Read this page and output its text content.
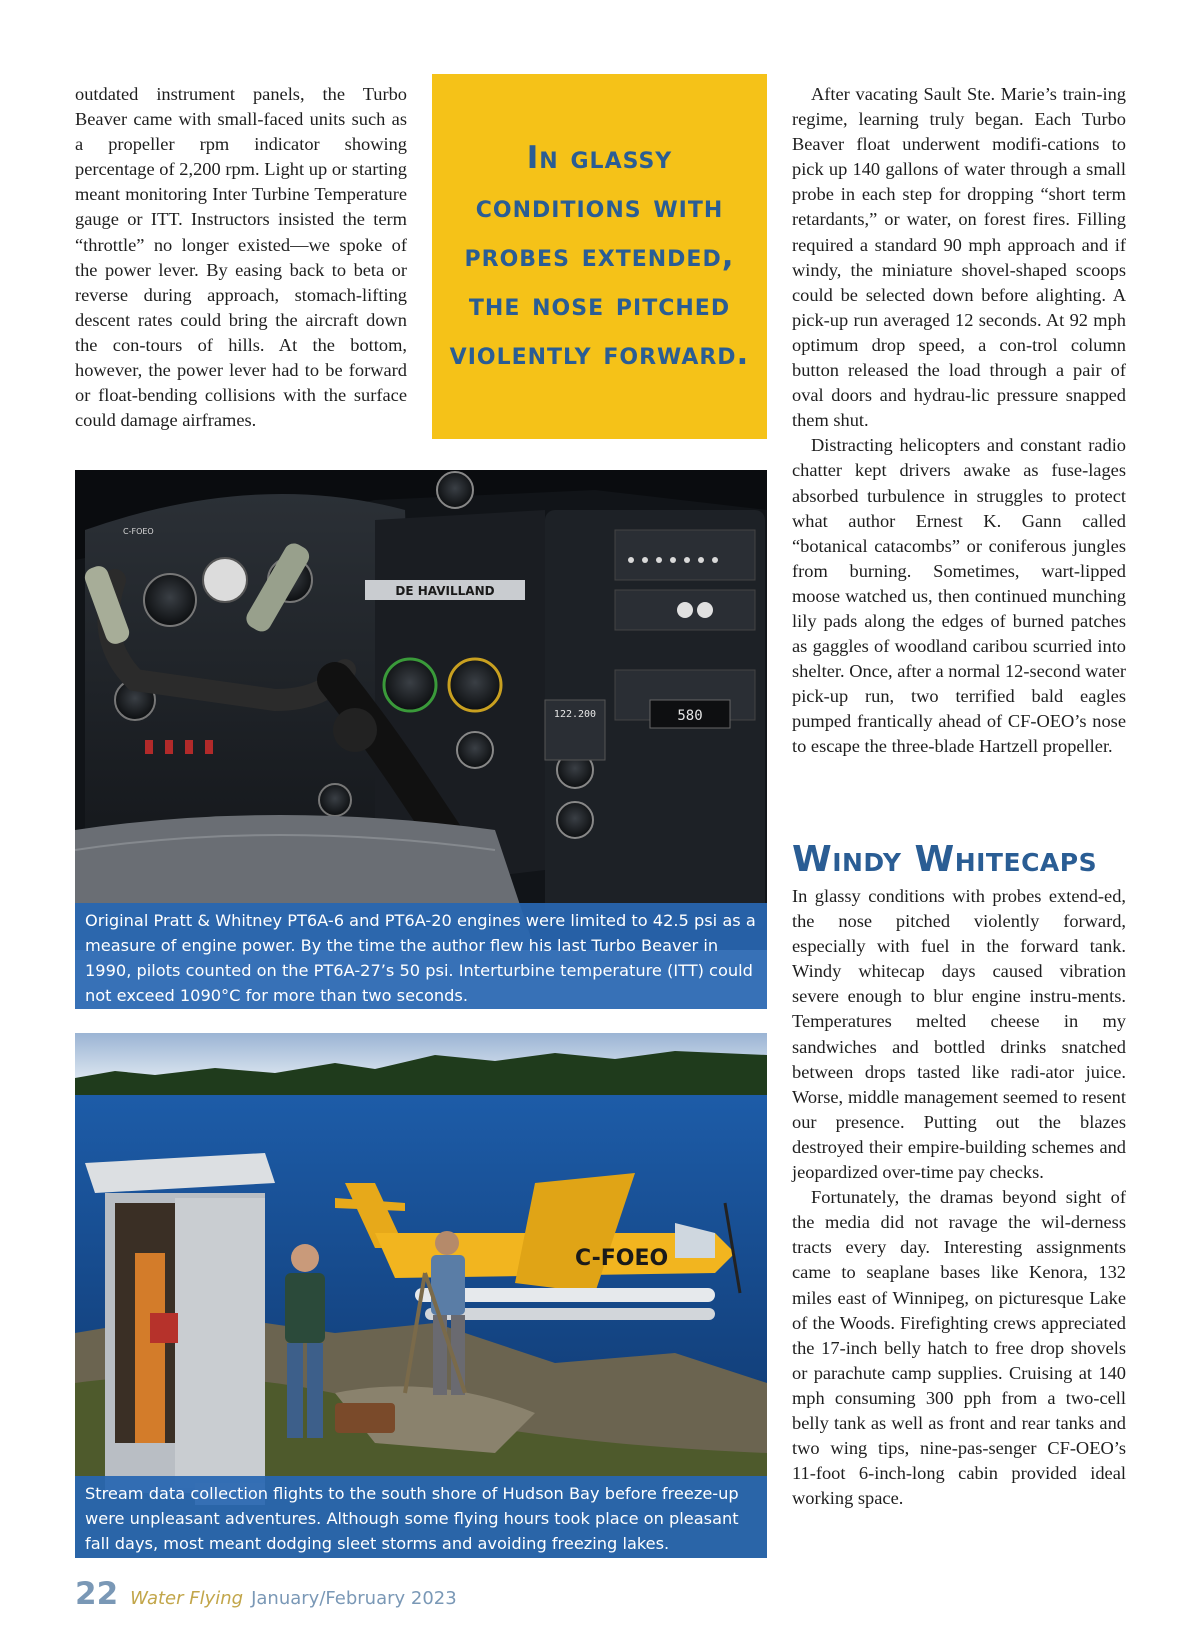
outdated instrument panels, the Turbo Beaver came with small-faced units such as a propeller rpm indicator showing percentage of 2,200 rpm. Light up or starting meant monitoring Inter Turbine Temperature gauge or ITT. Instructors insisted the term “throttle” no longer existed—we spoke of the power lever. By easing back to beta or reverse during approach, stomach-lifting descent rates could bring the aircraft down the con-tours of hills. At the bottom, however, the power lever had to be forward or float-bending collisions with the surface could damage airframes.

In glassy conditions with probes extended, the nose pitched violently forward.

After vacating Sault Ste. Marie’s train-ing regime, learning truly began. Each Turbo Beaver float underwent modifi-cations to pick up 140 gallons of water through a small probe in each step for dropping “short term retardants,” or water, on forest fires. Filling required a standard 90 mph approach and if windy, the miniature shovel-shaped scoops could be selected down before alighting. A pick-up run averaged 12 seconds. At 92 mph optimum drop speed, a con-trol column button released the load through a pair of oval doors and hydrau-lic pressure snapped them shut.

Distracting helicopters and constant radio chatter kept drivers awake as fuse-lages absorbed turbulence in struggles to protect what author Ernest K. Gann called “botanical catacombs” or coniferous jungles from burning. Sometimes, wart-lipped moose watched us, then continued munching lily pads along the edges of burned patches as gaggles of woodland caribou scurried into shelter. Once, after a normal 12-second water pick-up run, two terrified bald eagles pumped frantically ahead of CF-OEO’s nose to escape the three-blade Hartzell propeller.

Windy Whitecaps

In glassy conditions with probes extend-ed, the nose pitched violently forward, especially with fuel in the forward tank. Windy whitecap days caused vibration severe enough to blur engine instru-ments. Temperatures melted cheese in my sandwiches and bottled drinks snatched between drops tasted like radi-ator juice. Worse, middle management seemed to resent our presence. Putting out the blazes destroyed their empire-building schemes and jeopardized over-time pay checks.

Fortunately, the dramas beyond sight of the media did not ravage the wil-derness tracts every day. Interesting assignments came to seaplane bases like Kenora, 132 miles east of Winnipeg, on picturesque Lake of the Woods. Firefighting crews appreciated the 17-inch belly hatch to free drop shovels or parachute camp supplies. Cruising at 140 mph consuming 300 pph from a two-cell belly tank as well as front and rear tanks and two wing tips, nine-pas-senger CF-OEO’s 11-foot 6-inch-long cabin provided ideal working space.

DE HAVILLAND
C-FOEO
122.200	580
Original Pratt & Whitney PT6A-6 and PT6A-20 engines were limited to 42.5 psi as a measure of engine power. By the time the author flew his last Turbo Beaver in 1990, pilots counted on the PT6A-27’s 50 psi. Interturbine temperature (ITT) could not exceed 1090°C for more than two seconds.
C-FOEO
Stream data collection flights to the south shore of Hudson Bay before freeze-up were unpleasant adventures. Although some flying hours took place on pleasant fall days, most meant dodging sleet storms and avoiding freezing lakes.
22 Water Flying January/February 2023
